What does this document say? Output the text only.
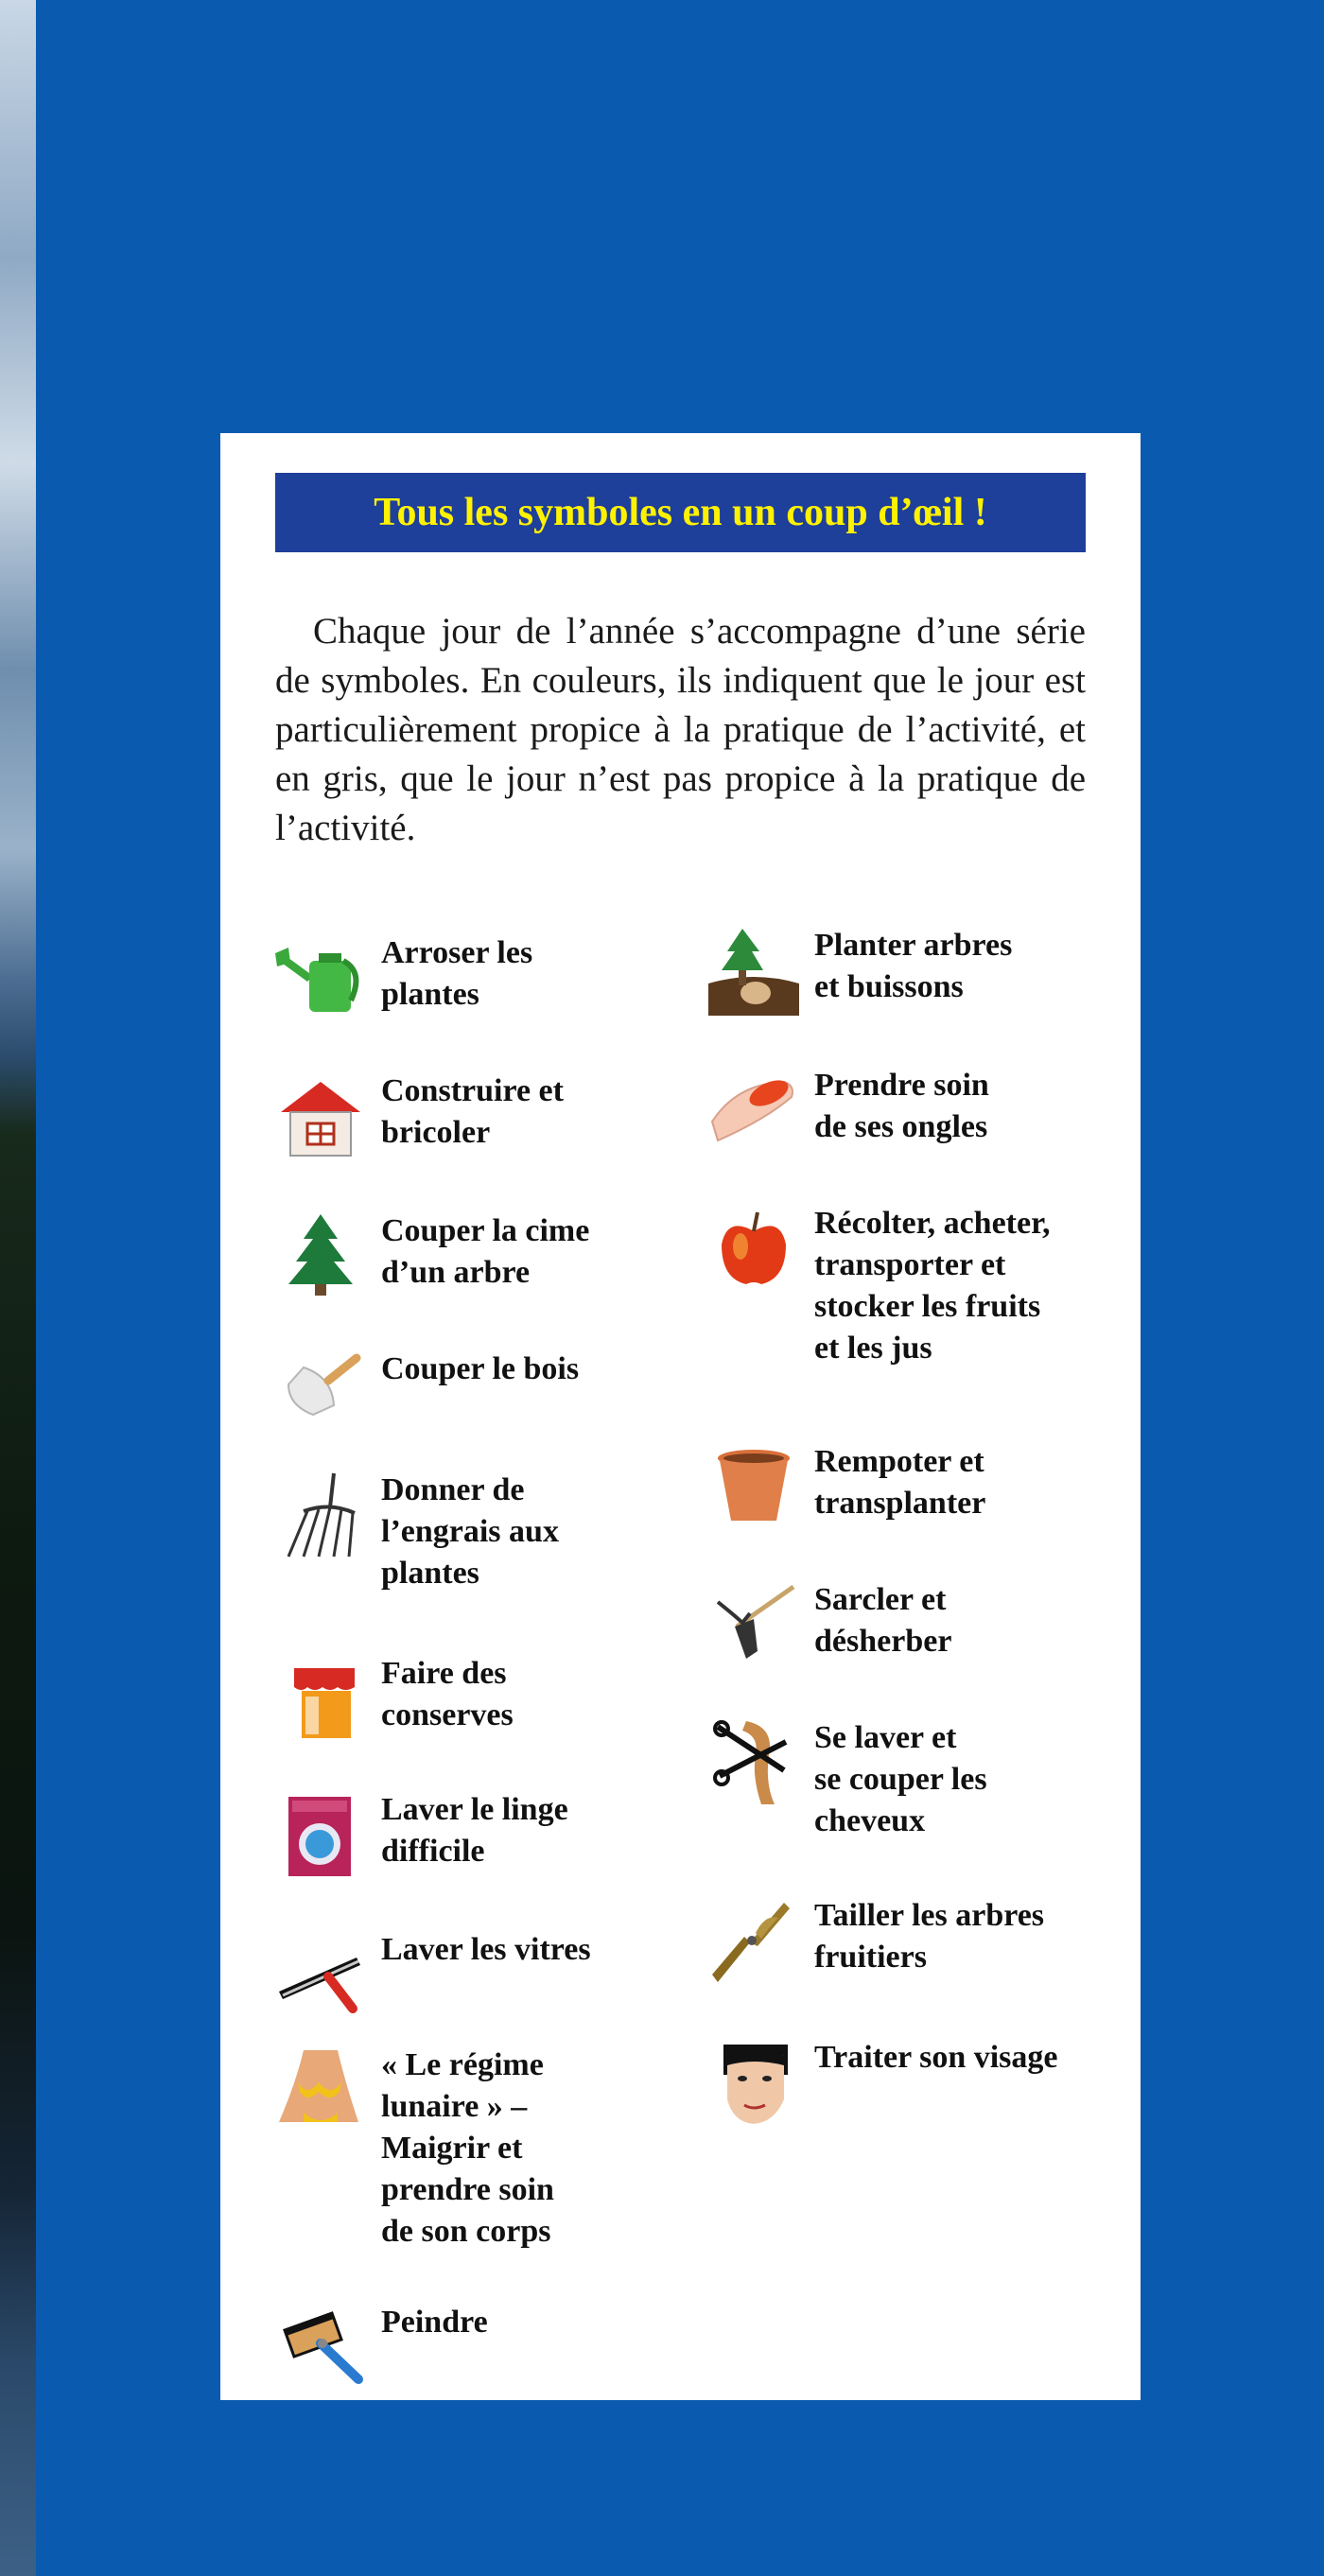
Tous les symboles en un coup d’œil !

Chaque jour de l’année s’accompagne d’une série de symboles. En couleurs, ils indiquent que le jour est particulièrement propice à la pratique de l’activité, et en gris, que le jour n’est pas propice à la pratique de l’activité.

Arroser les
plantes
Construire et
bricoler
Couper la cime
d’un arbre
Couper le bois
Donner de
l’engrais aux
plantes
Faire des
conserves
Laver le linge
difficile
Laver les vitres
« Le régime
lunaire » –
Maigrir et
prendre soin
de son corps
Peindre
Planter arbres
et buissons
Prendre soin
de ses ongles
Récolter, acheter,
transporter et
stocker les fruits
et les jus
Rempoter et
transplanter
Sarcler et
désherber
Se laver et
se couper les
cheveux
Tailler les arbres
fruitiers
Traiter son visage
